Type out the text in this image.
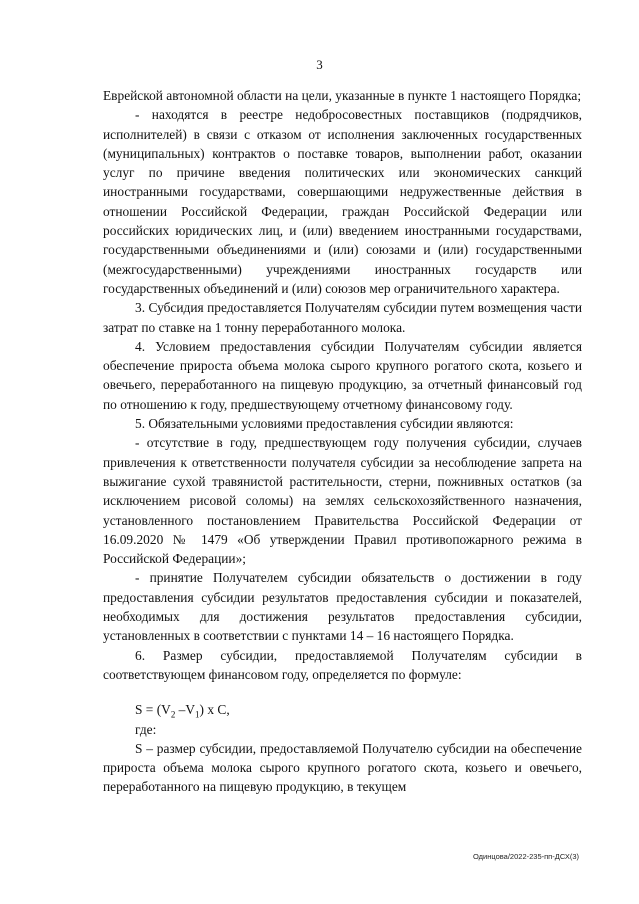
3

Еврейской автономной области на цели, указанные в пункте 1 настоящего Порядка;

- находятся в реестре недобросовестных поставщиков (подрядчиков, исполнителей) в связи с отказом от исполнения заключенных государственных (муниципальных) контрактов о поставке товаров, выполнении работ, оказании услуг по причине введения политических или экономических санкций иностранными государствами, совершающими недружественные действия в отношении Российской Федерации, граждан Российской Федерации или российских юридических лиц, и (или) введением иностранными государствами, государственными объединениями и (или) союзами и (или) государственными (межгосударственными) учреждениями иностранных государств или государственных объединений и (или) союзов мер ограничительного характера.

3. Субсидия предоставляется Получателям субсидии путем возмещения части затрат по ставке на 1 тонну переработанного молока.

4. Условием предоставления субсидии Получателям субсидии является обеспечение прироста объема молока сырого крупного рогатого скота, козьего и овечьего, переработанного на пищевую продукцию, за отчетный финансовый год по отношению к году, предшествующему отчетному финансовому году.

5. Обязательными условиями предоставления субсидии являются:

- отсутствие в году, предшествующем году получения субсидии, случаев привлечения к ответственности получателя субсидии за несоблюдение запрета на выжигание сухой травянистой растительности, стерни, пожнивных остатков (за исключением рисовой соломы) на землях сельскохозяйственного назначения, установленного постановлением Правительства Российской Федерации от 16.09.2020 № 1479 «Об утверждении Правил противопожарного режима в Российской Федерации»;

- принятие Получателем субсидии обязательств о достижении в году предоставления субсидии результатов предоставления субсидии и показателей, необходимых для достижения результатов предоставления субсидии, установленных в соответствии с пунктами 14 – 16 настоящего Порядка.

6. Размер субсидии, предоставляемой Получателям субсидии в соответствующем финансовом году, определяется по формуле:

$S = (V_2$ $-V_1$) x C,

где:

S – размер субсидии, предоставляемой Получателю субсидии на обеспечение прироста объема молока сырого крупного рогатого скота, козьего и овечьего, переработанного на пищевую продукцию, в текущем

Одинцова/2022-235-пп-ДСХ(3)
